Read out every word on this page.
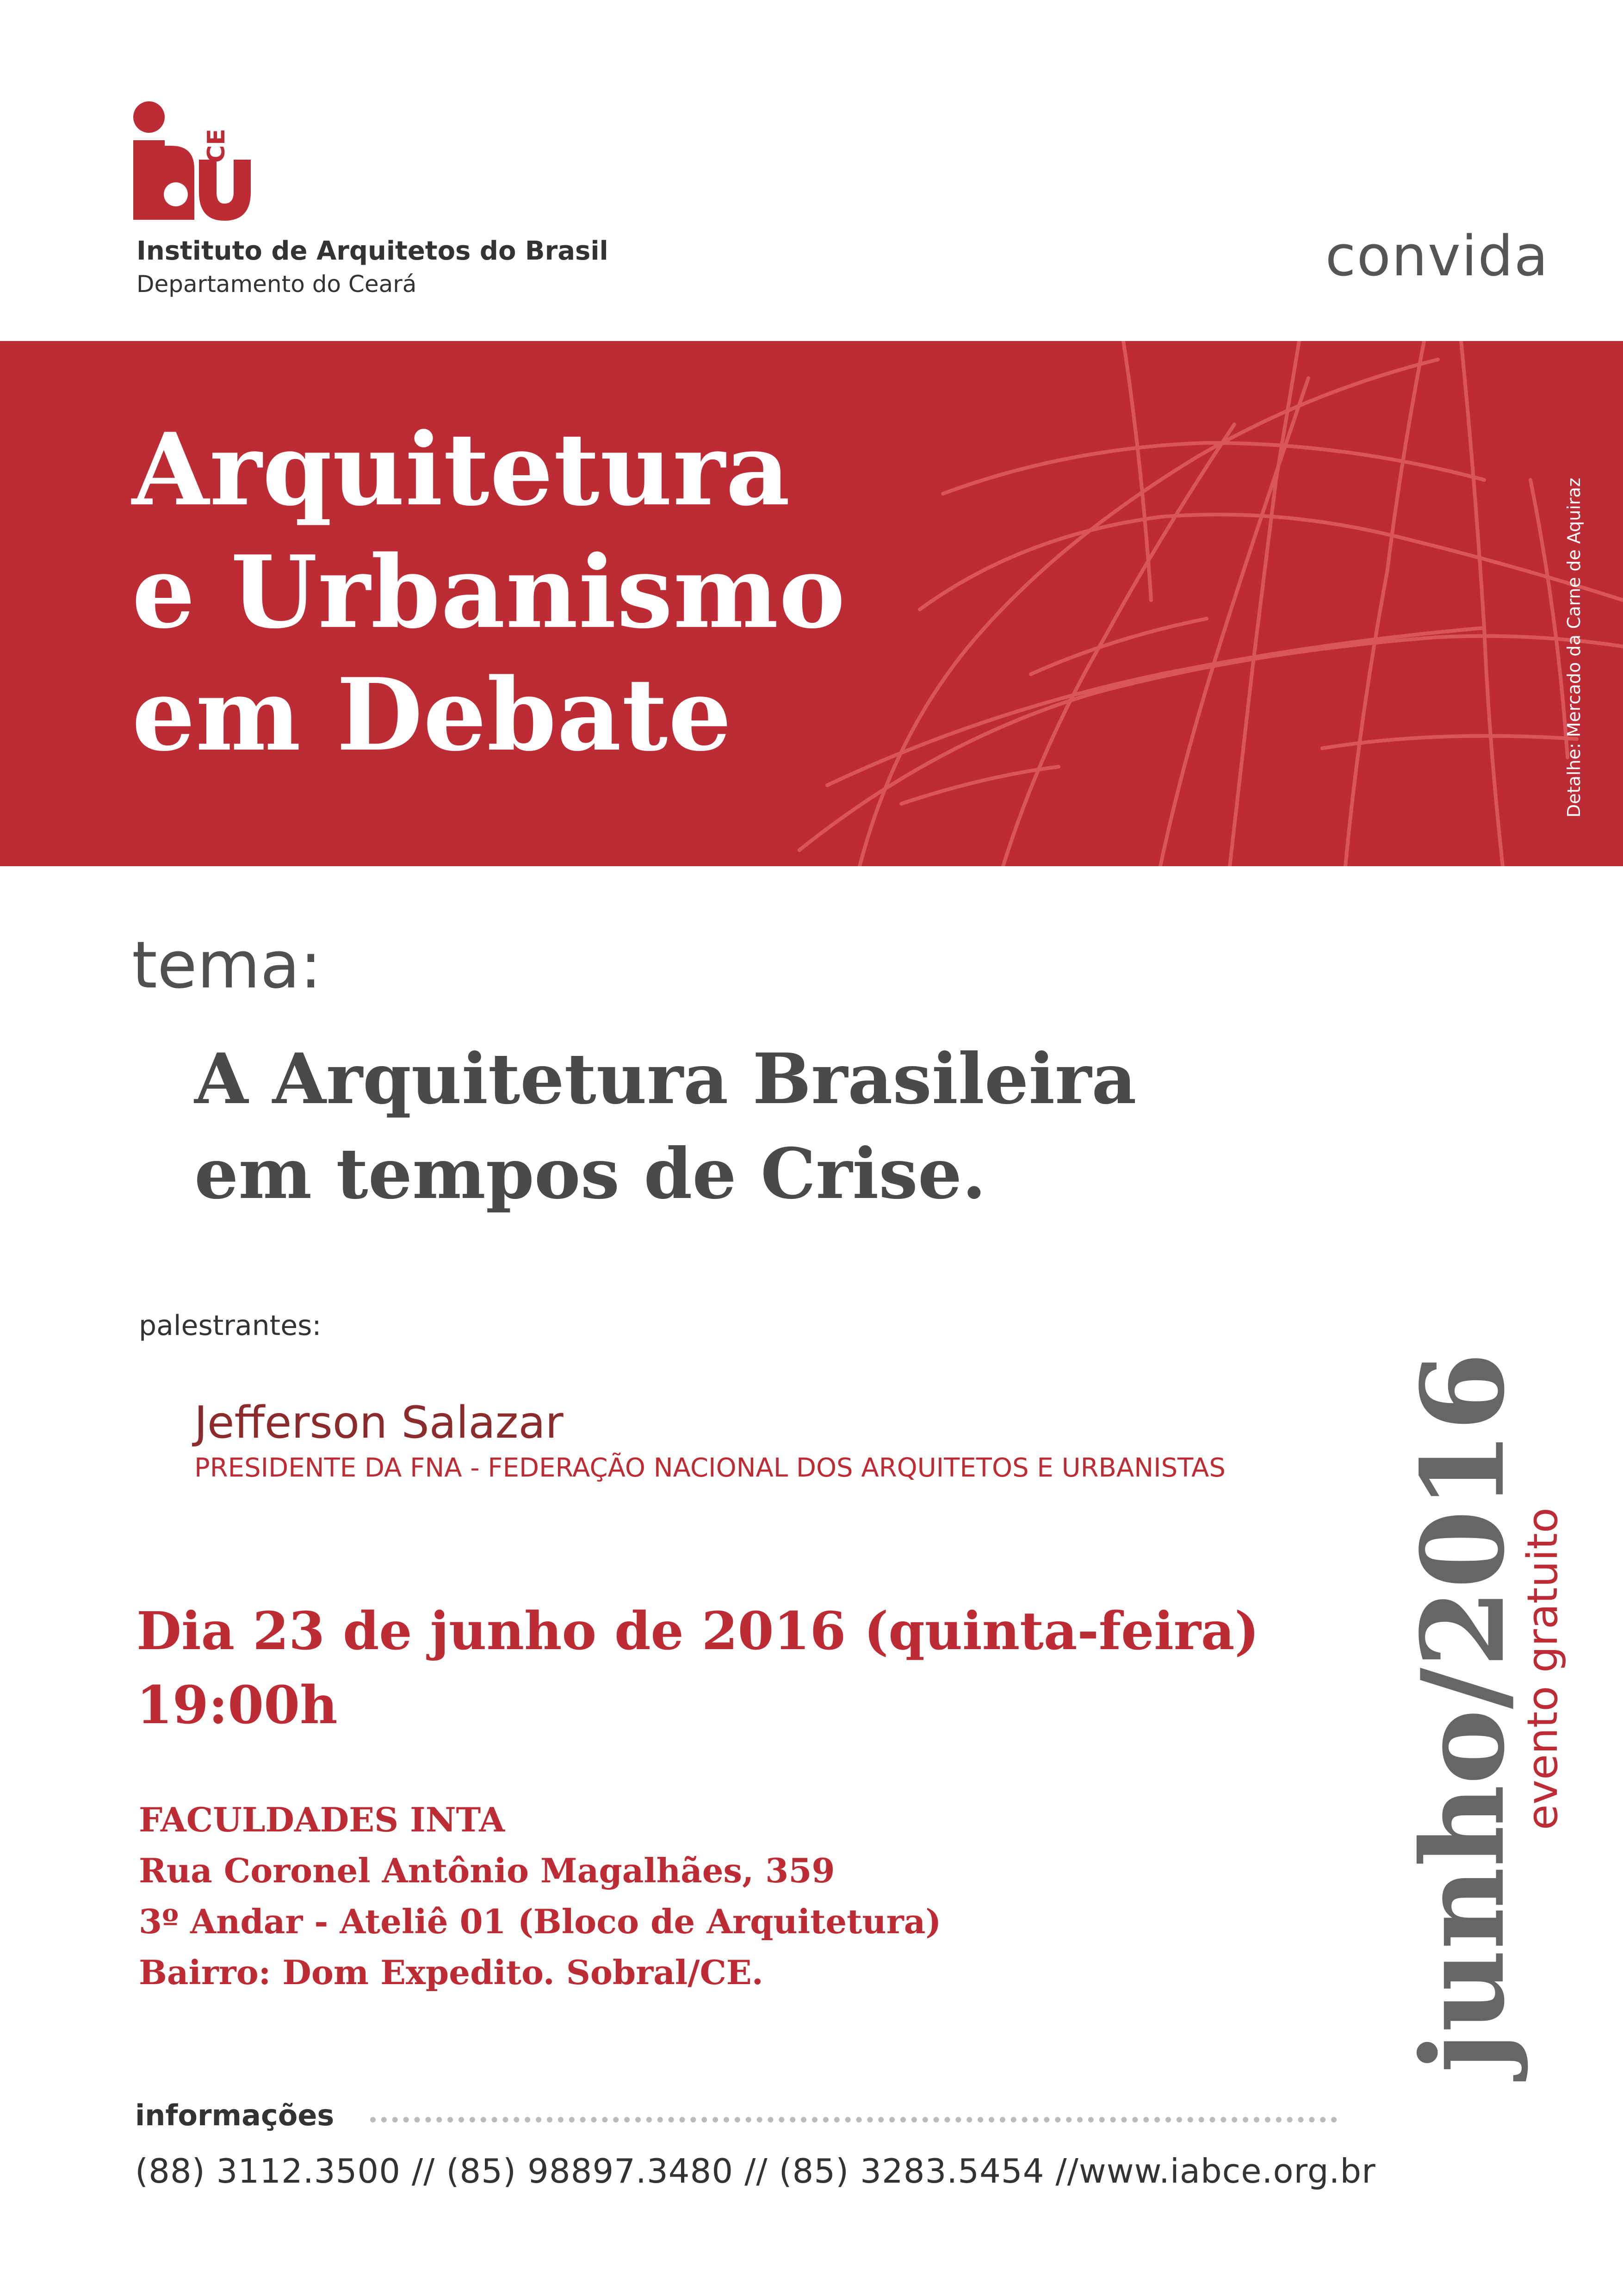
CE
Instituto de Arquitetos do Brasil
Departamento do Ceará	convida
Arquitetura
e Urbanismo
em Debate	Detalhe: Mercado da Carne de Aquiraz
tema:
A Arquitetura Brasileira
em tempos de Crise.
palestrantes:
Jefferson Salazar
PRESIDENTE DA FNA - FEDERAÇÃO NACIONAL DOS ARQUITETOS E URBANISTAS
Dia 23 de junho de 2016 (quinta-feira)
19:00h
FACULDADES INTA
Rua Coronel Antônio Magalhães, 359
3º Andar - Ateliê 01 (Bloco de Arquitetura)
Bairro: Dom Expedito. Sobral/CE.	junho/2016
evento gratuito
informações
(88) 3112.3500 // (85) 98897.3480 // (85) 3283.5454 //www.iabce.org.br
